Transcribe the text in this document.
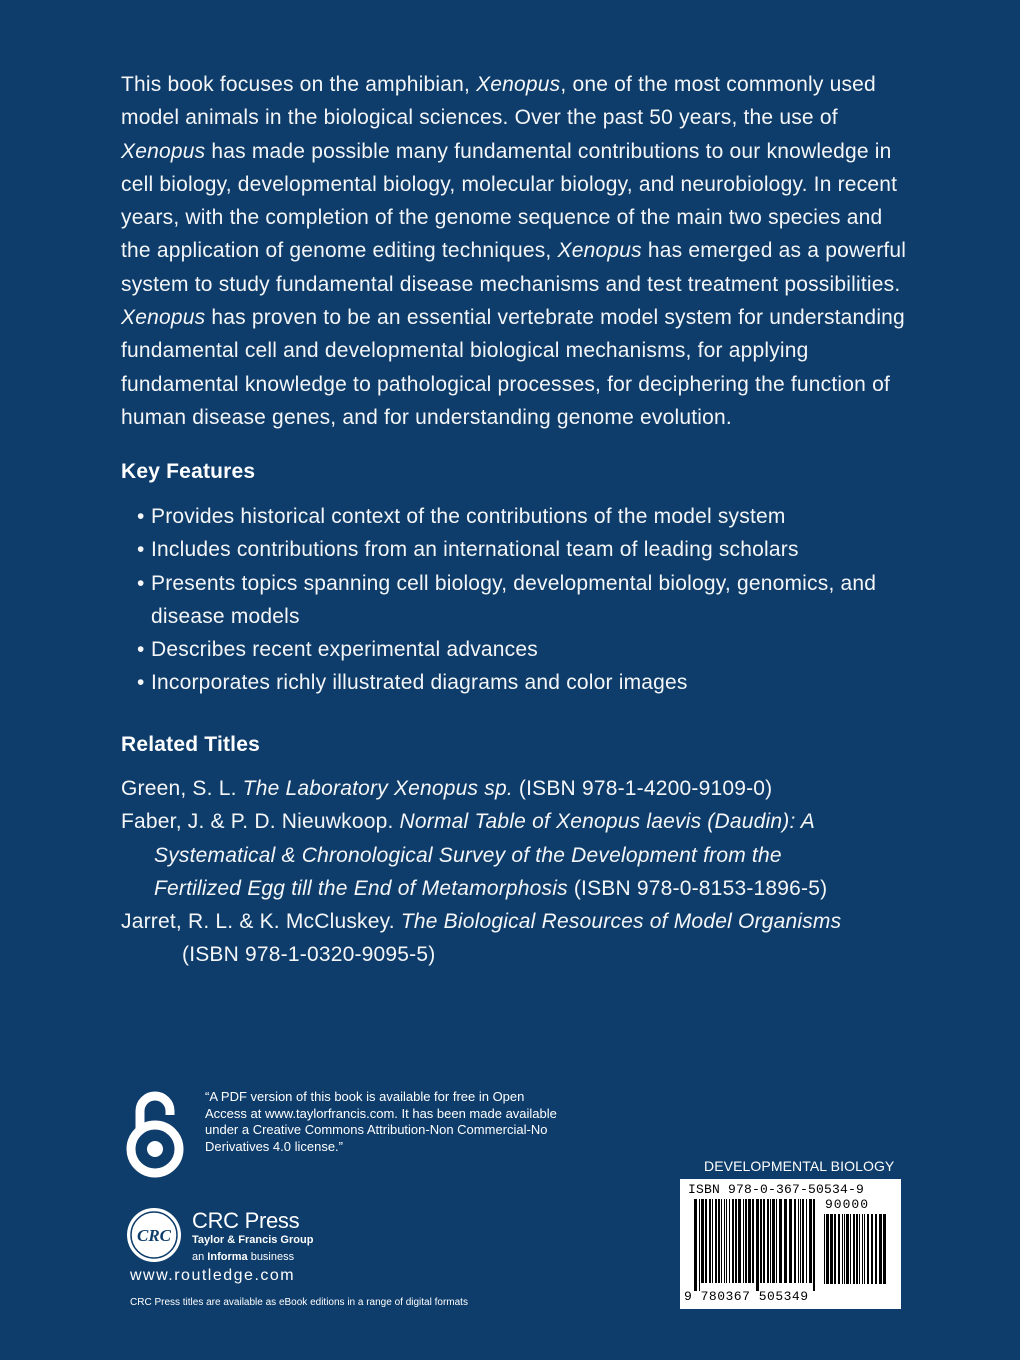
This book focuses on the amphibian, Xenopus, one of the most commonly used model animals in the biological sciences. Over the past 50 years, the use of Xenopus has made possible many fundamental contributions to our knowledge in cell biology, developmental biology, molecular biology, and neurobiology. In recent years, with the completion of the genome sequence of the main two species and the application of genome editing techniques, Xenopus has emerged as a powerful system to study fundamental disease mechanisms and test treatment possibilities. Xenopus has proven to be an essential vertebrate model system for understanding fundamental cell and developmental biological mechanisms, for applying fundamental knowledge to pathological processes, for deciphering the function of human disease genes, and for understanding genome evolution.

Key Features
• Provides historical context of the contributions of the model system
• Includes contributions from an international team of leading scholars
• Presents topics spanning cell biology, developmental biology, genomics, and disease models
• Describes recent experimental advances
• Incorporates richly illustrated diagrams and color images
Related Titles
Green, S. L. The Laboratory Xenopus sp. (ISBN 978-1-4200-9109-0)
Faber, J. & P. D. Nieuwkoop. Normal Table of Xenopus laevis (Daudin): A
Systematical & Chronological Survey of the Development from the
Fertilized Egg till the End of Metamorphosis (ISBN 978-0-8153-1896-5)
Jarret, R. L. & K. McCluskey. The Biological Resources of Model Organisms
(ISBN 978-1-0320-9095-5)
“A PDF version of this book is available for free in Open Access at www.taylorfrancis.com. It has been made available under a Creative Commons Attribution-Non Commercial-No Derivatives 4.0 license.”
CRC
CRC Press
Taylor & Francis Group
an Informa business
www.routledge.com
CRC Press titles are available as eBook editions in a range of digital formats
DEVELOPMENTAL BIOLOGY
ISBN 978-0-367-50534-9
90000
9 780367 505349
